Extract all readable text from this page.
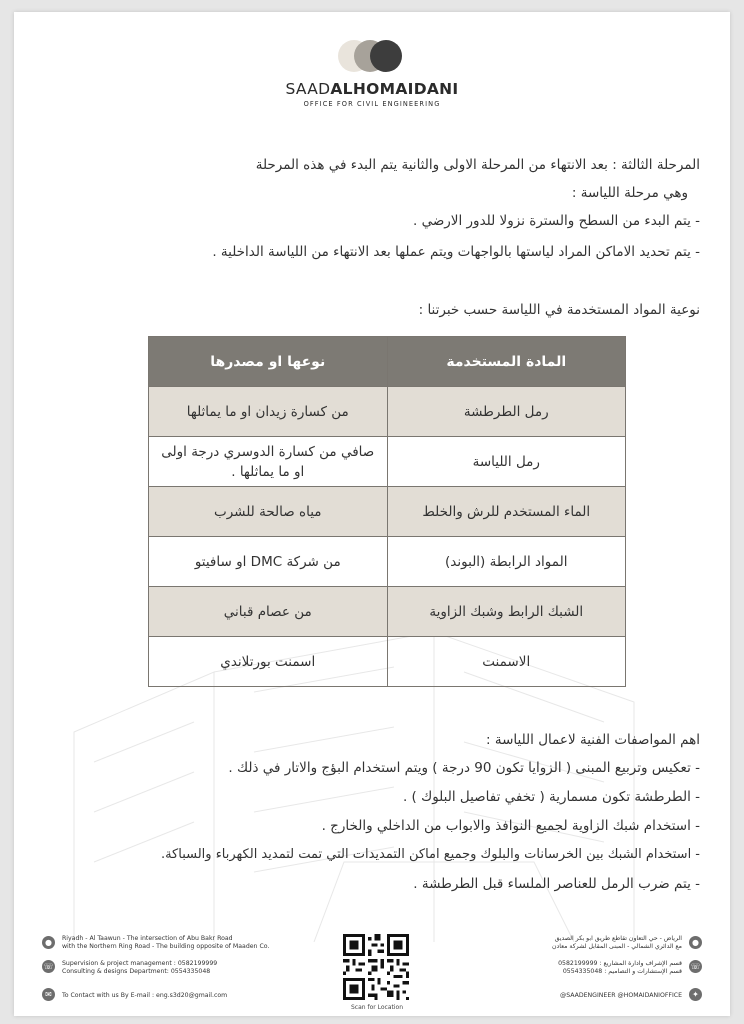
SAADALHOMAIDANI
OFFICE FOR CIVIL ENGINEERING
المرحلة الثالثة : بعد الانتهاء من المرحلة الاولى والثانية يتم البدء في هذه المرحلة
وهي مرحلة اللياسة :
- يتم البدء من السطح والسترة نزولا للدور الارضي .
- يتم تحديد الاماكن المراد لياستها بالواجهات ويتم عملها بعد الانتهاء من اللياسة الداخلية .
نوعية المواد المستخدمة في اللياسة حسب خبرتنا :
المادة المستخدمة	نوعها او مصدرها
رمل الطرطشة	من كسارة زيدان او ما يماثلها
رمل اللياسة	صافي من كسارة الدوسري درجة اولى او ما يماثلها .
الماء المستخدم للرش والخلط	مياه صالحة للشرب
المواد الرابطة (البوند)	من شركة DMC او سافيتو
الشبك الرابط وشبك الزاوية	من عصام قباني
الاسمنت	اسمنت بورتلاندي
اهم المواصفات الفنية لاعمال اللياسة :
- تعكيس وتربيع المبنى ( الزوايا تكون 90 درجة ) ويتم استخدام البؤج والاتار في ذلك .
- الطرطشة تكون مسمارية ( تخفي تفاصيل البلوك ) .
- استخدام شبك الزاوية لجميع النوافذ والابواب من الداخلي والخارج .
- استخدام الشبك بين الخرسانات والبلوك وجميع اماكن التمديدات التي تمت لتمديد الكهرباء والسباكة.
- يتم ضرب الرمل للعناصر الملساء قبل الطرطشة .
●	Riyadh - Al Taawun - The intersection of Abu Bakr Road
with the Northern Ring Road - The building opposite of Maaden Co.
☏ Supervision & project management : 0582199999
Consulting & designs Department: 0554335048
✉	To Contact with us By E-mail : eng.s3d20@gmail.com
Scan for Location
●
الرياض - حي التعاون تقاطع طريق ابو بكر الصديق
مع الدائري الشمالي - المبنى المقابل لشركة معادن
☏
قسم الإشراف وادارة المشاريع : 0582199999
قسم الإستشارات و التصاميم : 0554335048
✦
@SAADENGINEER @HOMAIDANIOFFICE
